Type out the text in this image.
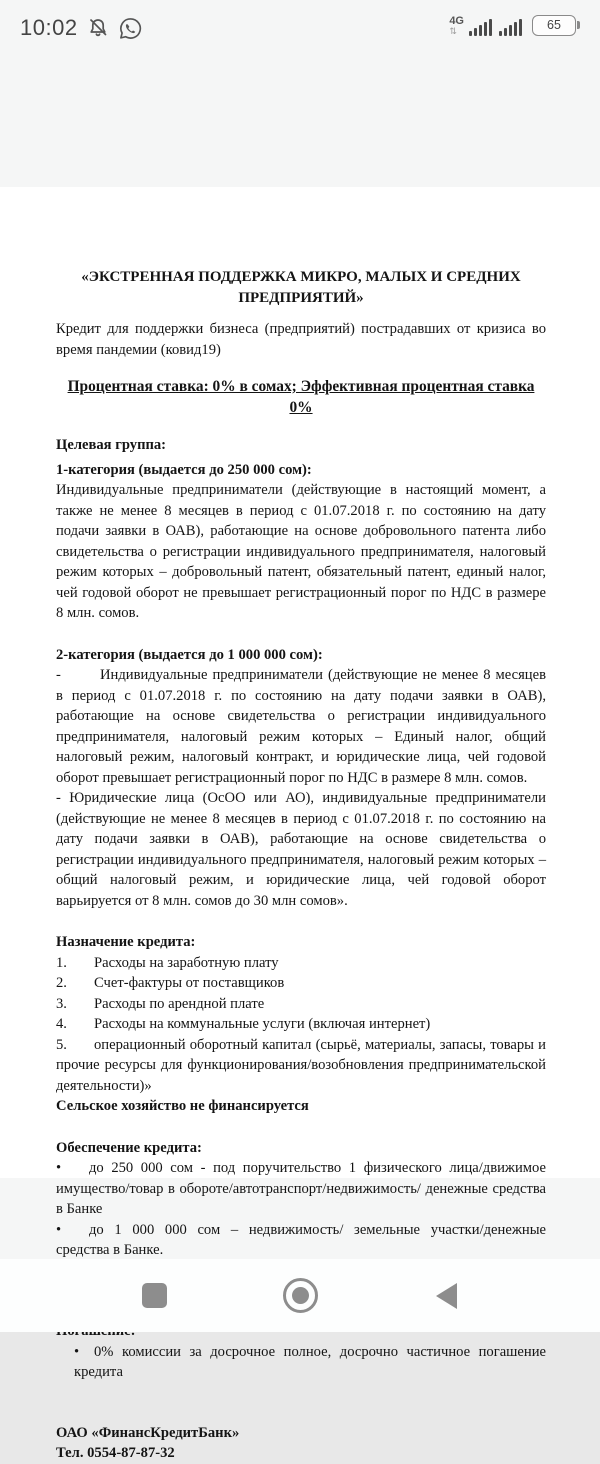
10:02	4G
⇅	65

«ЭКСТРЕННАЯ ПОДДЕРЖКА МИКРО, МАЛЫХ И СРЕДНИХ ПРЕДПРИЯТИЙ»

Кредит для поддержки бизнеса (предприятий) пострадавших от кризиса во время пандемии (ковид19)

Процентная ставка: 0% в сомах; Эффективная процентная ставка 0%

Целевая группа:

1-категория (выдается до 250 000 сом):

Индивидуальные предприниматели (действующие в настоящий момент, а также не менее 8 месяцев в период с 01.07.2018 г. по состоянию на дату подачи заявки в ОАВ), работающие на основе добровольного патента либо свидетельства о регистрации индивидуального предпринимателя, налоговый режим которых – добровольный патент, обязательный патент, единый налог, чей годовой оборот не превышает регистрационный порог по НДС в размере 8 млн. сомов.

2-категория (выдается до 1 000 000 сом):

-	Индивидуальные предприниматели (действующие не менее 8 месяцев в период с 01.07.2018 г. по состоянию на дату подачи заявки в ОАВ), работающие на основе свидетельства о регистрации индивидуального предпринимателя, налоговый режим которых – Единый налог, общий налоговый режим, налоговый контракт, и юридические лица, чей годовой оборот превышает регистрационный порог по НДС в размере 8 млн. сомов.

- Юридические лица (ОсОО или АО), индивидуальные предприниматели (действующие не менее 8 месяцев в период с 01.07.2018 г. по состоянию на дату подачи заявки в ОАВ), работающие на основе свидетельства о регистрации индивидуального предпринимателя, налоговый режим которых – общий налоговый режим, и юридические лица, чей годовой оборот варьируется от 8 млн. сомов до 30 млн сомов».

Назначение кредита:

1. Расходы на заработную плату

2. Счет-фактуры от поставщиков

3. Расходы по арендной плате

4. Расходы на коммунальные услуги (включая интернет)

5. операционный оборотный капитал (сырьё, материалы, запасы, товары и прочие ресурсы для функционирования/возобновления предпринимательской деятельности)»

Сельское хозяйство не финансируется

Обеспечение кредита:

• до 250 000 сом - под поручительство 1 физического лица/движимое имущество/товар в обороте/автотранспорт/недвижимость/ денежные средства в Банке

• до 1 000 000 сом – недвижимость/ земельные участки/денежные средства в Банке.

• 0% комиссии за досрочное полное, досрочно частичное погашение кредита

ОАО «ФинансКредитБанк»

Тел. 0554-87-87-32
